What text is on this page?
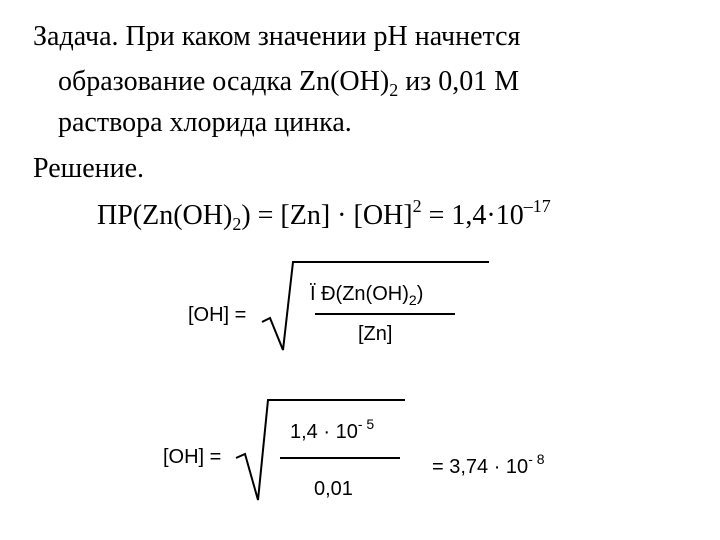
Задача. При каком значении рН начнется
образование осадка $Zn(OH)_2$ из 0,01 М
раствора хлорида цинка.
Решение.
$ПР(Zn(OH)_2) = [Zn] \cdot [OH]^2 = 1,4\cdot 10^{-17}$
[OH] =
Ï $Ð(Zn(OH)_2)$
[Zn]
[OH] =
$1,4 \cdot 10^{- 5}$
0,01
= $3,74 \cdot 10^{- 8}$
